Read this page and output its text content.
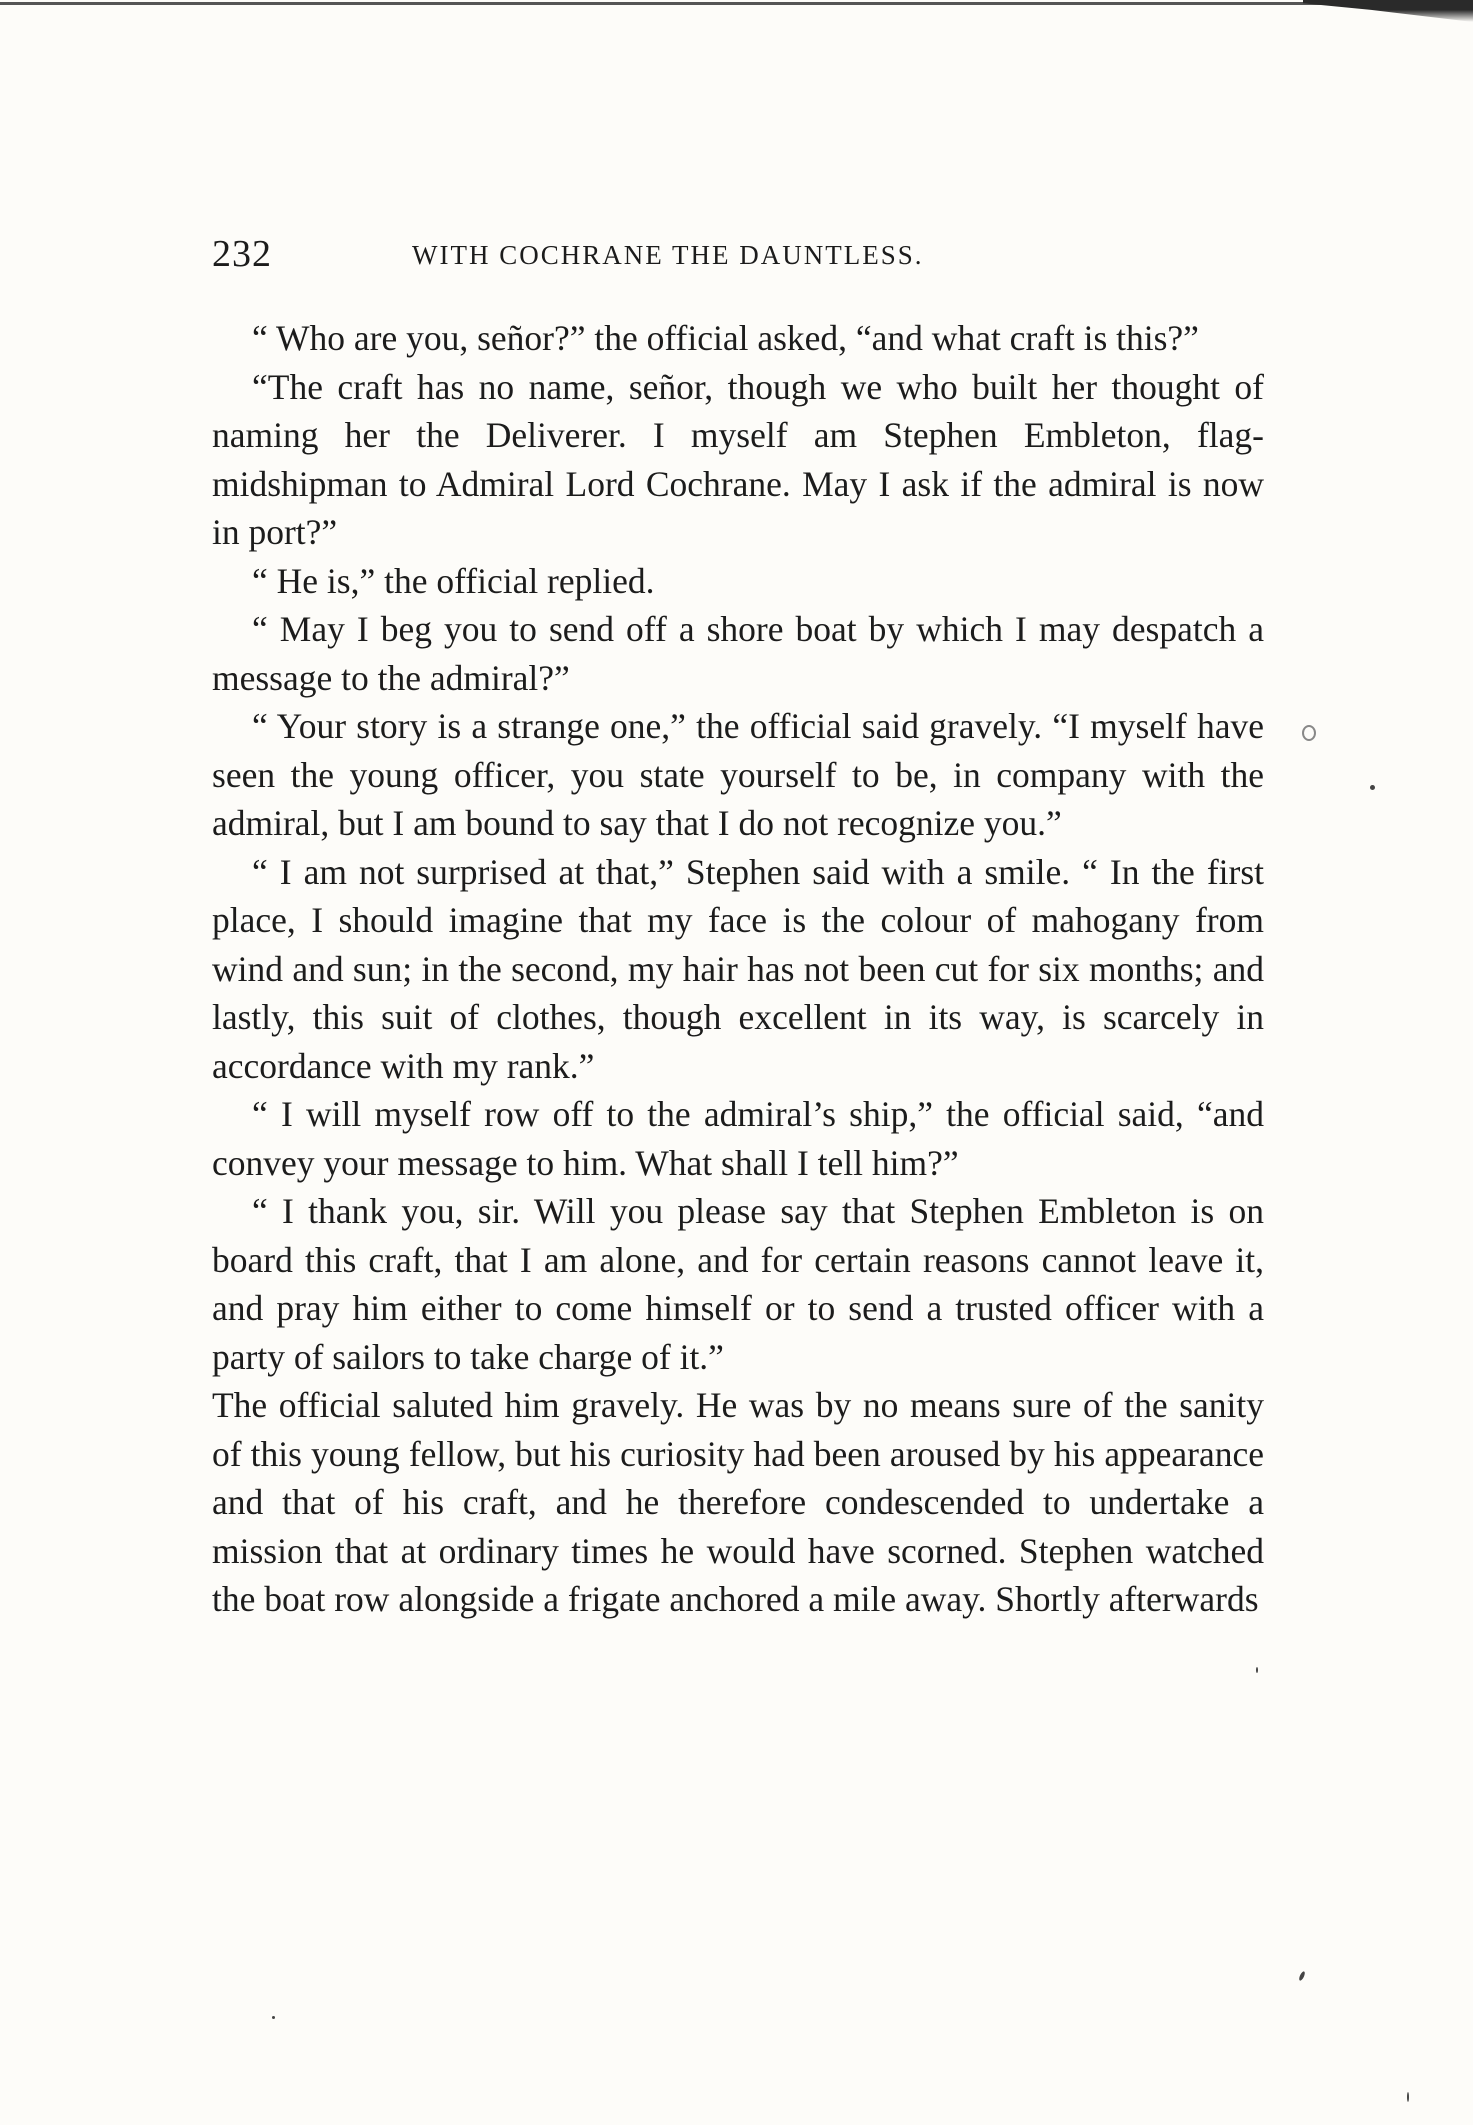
232	WITH COCHRANE THE DAUNTLESS.

“ Who are you, señor?” the official asked, “and what craft is this?”

“The craft has no name, señor, though we who built her thought of naming her the Deliverer. I myself am Stephen Embleton, flag-midshipman to Admiral Lord Cochrane. May I ask if the admiral is now in port?”

“ He is,” the official replied.

“ May I beg you to send off a shore boat by which I may despatch a message to the admiral?”

“ Your story is a strange one,” the official said gravely. “I myself have seen the young officer, you state yourself to be, in company with the admiral, but I am bound to say that I do not recognize you.”

“ I am not surprised at that,” Stephen said with a smile. “ In the first place, I should imagine that my face is the colour of mahogany from wind and sun; in the second, my hair has not been cut for six months; and lastly, this suit of clothes, though excellent in its way, is scarcely in accordance with my rank.”

“ I will myself row off to the admiral’s ship,” the official said, “and convey your message to him. What shall I tell him?”

“ I thank you, sir. Will you please say that Stephen Embleton is on board this craft, that I am alone, and for certain reasons cannot leave it, and pray him either to come himself or to send a trusted officer with a party of sailors to take charge of it.”

The official saluted him gravely. He was by no means sure of the sanity of this young fellow, but his curiosity had been aroused by his appearance and that of his craft, and he therefore condescended to undertake a mission that at ordinary times he would have scorned. Stephen watched the boat row alongside a frigate anchored a mile away. Shortly afterwards
